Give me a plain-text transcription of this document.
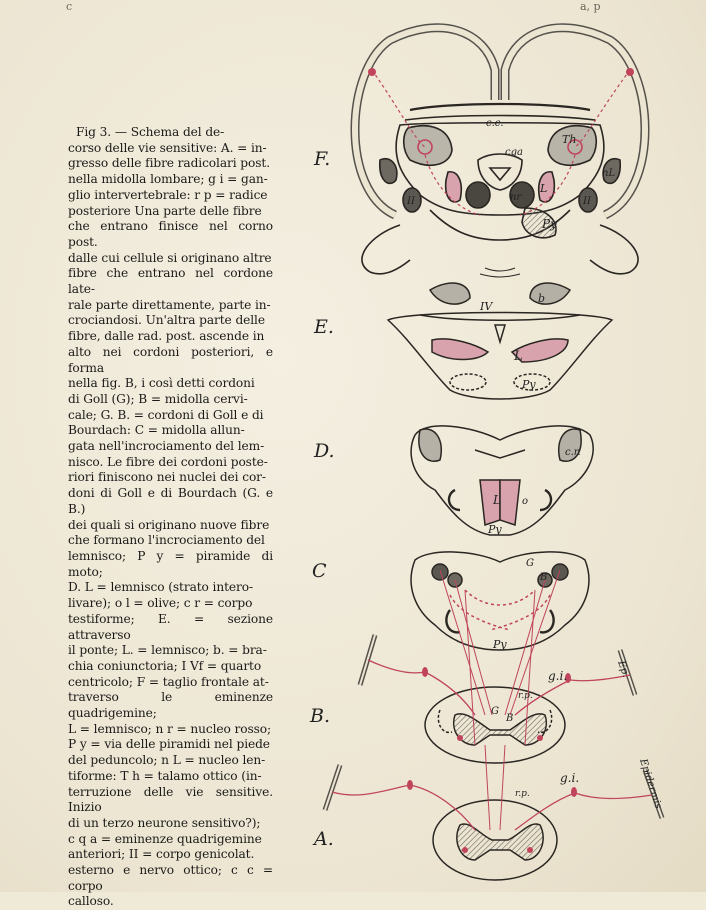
c	a, p

Fig 3. — Schema del de-
corso delle vie sensitive: A. = in-
gresso delle fibre radicolari post.
nella midolla lombare; g i = gan-
glio intervertebrale: r p = radice
posteriore Una parte delle fibre
che entrano finisce nel corno post.
dalle cui cellule si originano altre
fibre che entrano nel cordone late-
rale parte direttamente, parte in-
crociandosi. Un'altra parte delle
fibre, dalle rad. post. ascende in
alto nei cordoni posteriori, e forma
nella fig. B, i così detti cordoni
di Goll (G); B = midolla cervi-
cale; G. B. = cordoni di Goll e di
Bourdach: C = midolla allun-
gata nell'incrociamento del lem-
nisco. Le fibre dei cordoni poste-
riori finiscono nei nuclei dei cor-
doni di Goll e di Bourdach (G. e B.)
dei quali si originano nuove fibre
che formano l'incrociamento del
lemnisco; P y = piramide di moto;
D. L = lemnisco (strato intero-
livare); o l = olive; c r = corpo
testiforme; E. = sezione attraverso
il ponte; L. = lemnisco; b. = bra-
chia coniunctoria; I Vf = quarto
centricolo; F = taglio frontale at-
traverso le eminenze quadrigemine;
L = lemnisco; n r = nucleo rosso;
P y = via delle piramidi nel piede
del peduncolo; n L = nucleo len-
tiforme: T h = talamo ottico (in-
terruzione delle vie sensitive. Inizio
di un terzo neurone sensitivo?);
c q a = eminenze quadrigemine
anteriori; II = corpo genicolat.
esterno e nervo ottico; c c = corpo
calloso.

c.c.
cqa
Th
nL
II	II
L
nr
Py
IV
b
L
Py
c.r.
L o
Py
G
B
Py
g.i.
r.p.
Ep.
G
B
g.i.
r.p.	Epidermis
F.
E.
D.
C
B.
A.
